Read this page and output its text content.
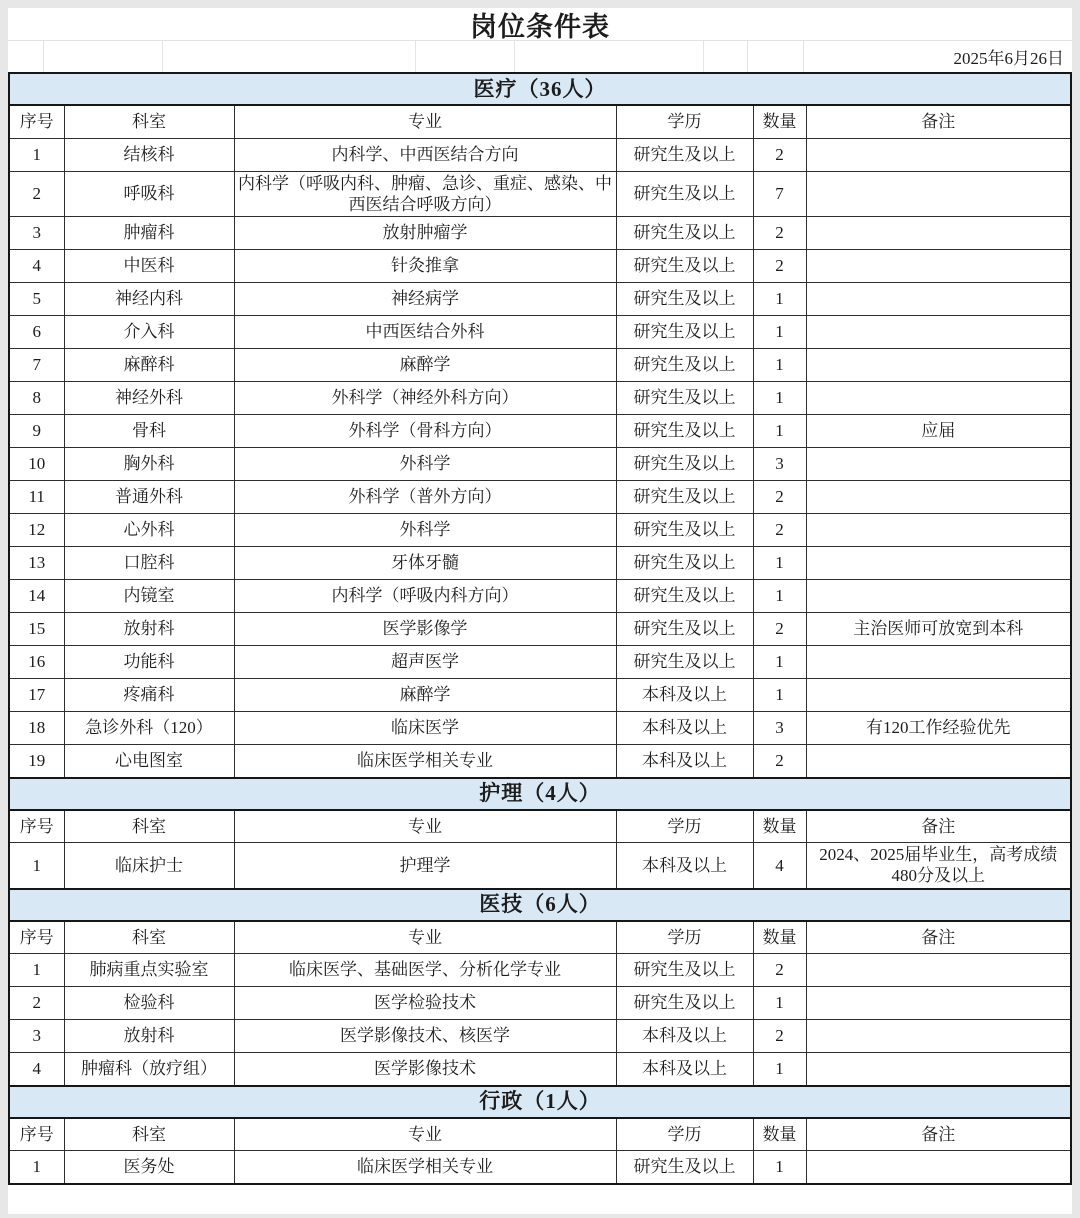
岗位条件表
2025年6月26日
医疗（36人）					
序号	科室	专业	学历	数量	备注
1	结核科	内科学、中西医结合方向	研究生及以上	2	
2	呼吸科	内科学（呼吸内科、肿瘤、急诊、重症、感染、中西医结合呼吸方向）	研究生及以上	7	
3	肿瘤科	放射肿瘤学	研究生及以上	2	
4	中医科	针灸推拿	研究生及以上	2	
5	神经内科	神经病学	研究生及以上	1	
6	介入科	中西医结合外科	研究生及以上	1	
7	麻醉科	麻醉学	研究生及以上	1	
8	神经外科	外科学（神经外科方向）	研究生及以上	1	
9	骨科	外科学（骨科方向）	研究生及以上	1	应届
10	胸外科	外科学	研究生及以上	3	
11	普通外科	外科学（普外方向）	研究生及以上	2	
12	心外科	外科学	研究生及以上	2	
13	口腔科	牙体牙髓	研究生及以上	1	
14	内镜室	内科学（呼吸内科方向）	研究生及以上	1	
15	放射科	医学影像学	研究生及以上	2	主治医师可放宽到本科
16	功能科	超声医学	研究生及以上	1	
17	疼痛科	麻醉学	本科及以上	1	
18	急诊外科（120）	临床医学	本科及以上	3	有120工作经验优先
19	心电图室	临床医学相关专业	本科及以上	2	
护理（4人）					
序号	科室	专业	学历	数量	备注
1	临床护士	护理学	本科及以上	4	2024、2025届毕业生，高考成绩480分及以上
医技（6人）					
序号	科室	专业	学历	数量	备注
1	肺病重点实验室	临床医学、基础医学、分析化学专业	研究生及以上	2	
2	检验科	医学检验技术	研究生及以上	1	
3	放射科	医学影像技术、核医学	本科及以上	2	
4	肿瘤科（放疗组）	医学影像技术	本科及以上	1	
行政（1人）					
序号	科室	专业	学历	数量	备注
1	医务处	临床医学相关专业	研究生及以上	1	
